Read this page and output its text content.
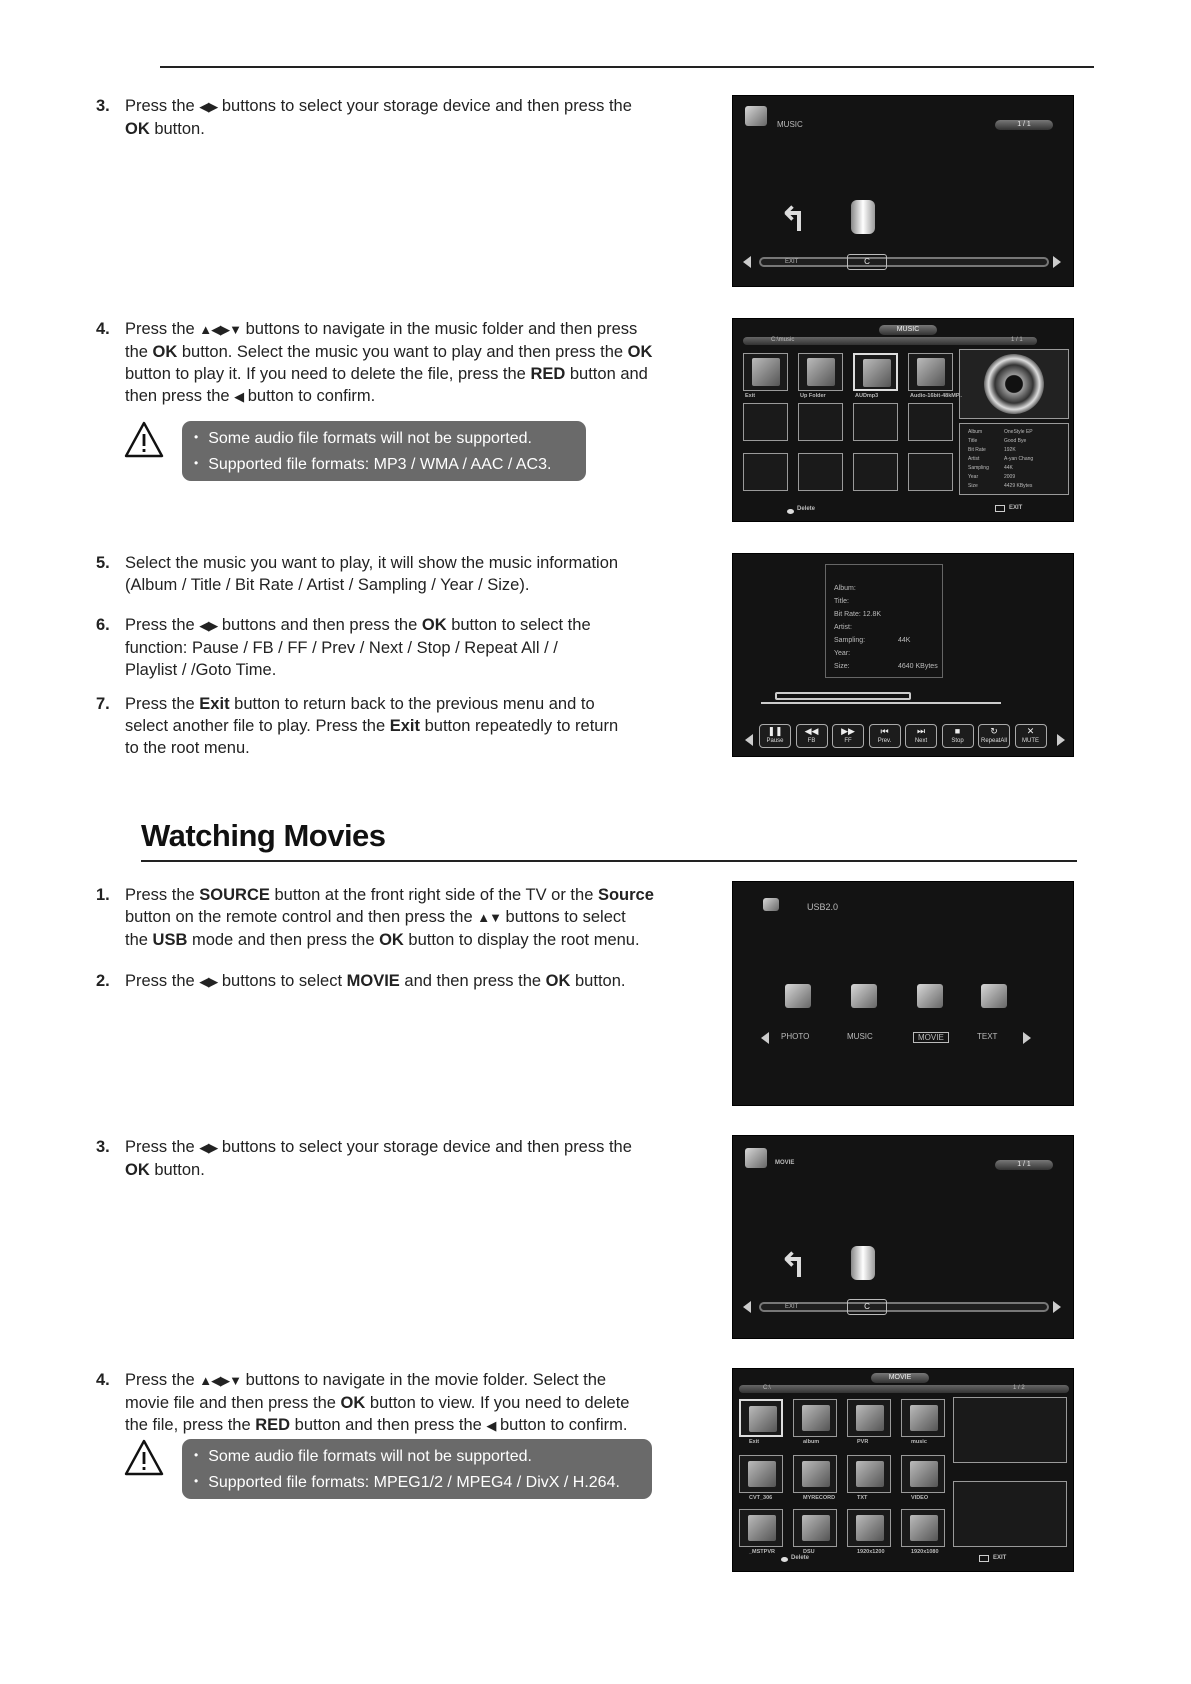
3. Press the ◀▶ buttons to select your storage device and then press the

OK button.

4. Press the ▲◀▶▼ buttons to navigate in the music folder and then press

the OK button. Select the music you want to play and then press the OK

button to play it. If you need to delete the file, press the RED button and

then press the ◀ button to confirm.

5. Select the music you want to play, it will show the music information

(Album / Title / Bit Rate / Artist / Sampling / Year / Size).

6. Press the ◀▶ buttons and then press the OK button to select the

function: Pause / FB / FF / Prev / Next / Stop / Repeat All / /

Playlist / /Goto Time.

7. Press the Exit button to return back to the previous menu and to

select another file to play. Press the Exit button repeatedly to return

to the root menu.

• Some audio file formats will not be supported.
• Supported file formats: MP3 / WMA / AAC / AC3.
Watching Movies
1. Press the SOURCE button at the front right side of the TV or the Source

button on the remote control and then press the ▲▼ buttons to select

the USB mode and then press the OK button to display the root menu.

2. Press the ◀▶ buttons to select MOVIE and then press the OK button.

3. Press the ◀▶ buttons to select your storage device and then press the

OK button.

4. Press the ▲◀▶▼ buttons to navigate in the movie folder. Select the

movie file and then press the OK button to view. If you need to delete

the file, press the RED button and then press the ◀ button to confirm.

• Some audio file formats will not be supported.
• Supported file formats: MPEG1/2 / MPEG4 / DivX / H.264.
MUSIC	1 / 1
↰
EXIT	C
MUSIC
C:\music	1 / 1
Album	OneStyle EP
Title	Good Bye
Bit Rate	192K
Artist	A-yan Chang
Sampling	44K
Year	2009
Size	4429 KBytes
Delete	EXIT
Exit	Up Folder	AUDmp3	Audio-16bit-48kMP..
Album:
Title:
Bit Rate: 12.8K
Artist:
Sampling:	44K
Year:
Size:	4640 KBytes
❚❚
Pause
◀◀
FB
▶▶
FF
⏮
Prev.
⏭
Next
■
Stop
↻
RepeatAll
✕
MUTE
USB2.0
PHOTO	MUSIC	MOVIE	TEXT
MOVIE	1 / 1
↰
EXIT	C
MOVIE
C:\	1 / 2
Delete	EXIT
Exit	album	PVR	music
CVT_306	MYRECORD	TXT	VIDEO
_MSTPVR	DSU	1920x1200	1920x1080
